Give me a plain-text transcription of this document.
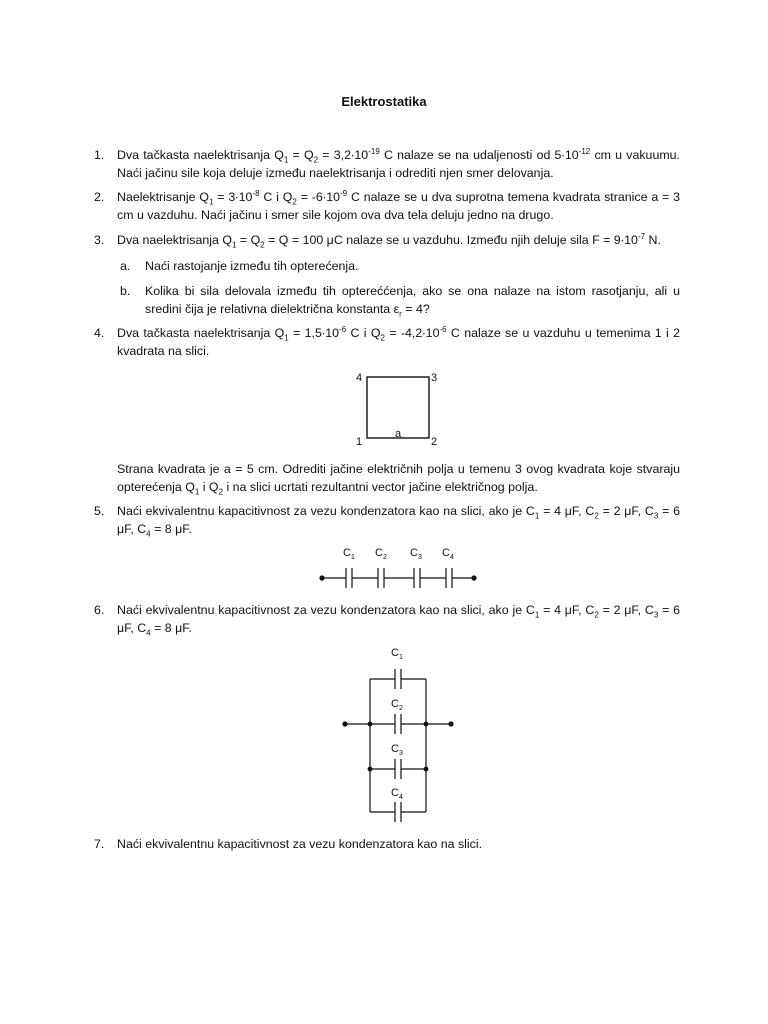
Elektrostatika
1.	Dva tačkasta naelektrisanja $Q_1 = Q_2 = 3,2\cdot 10^{-19}$ C nalaze se na udaljenosti od $5\cdot 10^{-12}$ cm u vakuumu. Naći jačinu sile koja deluje između naelektrisanja i odrediti njen smer delovanja.
2.	Naelektrisanje $Q_1 = 3\cdot 10^{-8}$ C i $Q_2 = -6\cdot 10^{-9}$ C nalaze se u dva suprotna temena kvadrata stranice a = 3 cm u vazduhu. Naći jačinu i smer sile kojom ova dva tela deluju jedno na drugo.
3.	Dva naelektrisanja $Q_1 = Q_2 = Q = 100$ μC nalaze se u vazduhu. Između njih deluje sila $F = 9\cdot 10^{-7}$ N.
a.	Naći rastojanje između tih opterećenja.
b.	Kolika bi sila delovala između tih optereććenja, ako se ona nalaze na istom rasotjanju, ali u sredini čija je relativna dielektrična konstanta $\varepsilon_r = 4$?
4.	Dva tačkasta naelektrisanja $Q_1 = 1,5\cdot 10^{-6}$ C i $Q_2 = -4,2\cdot 10^{-6}$ C nalaze se u vazduhu u temenima 1 i 2 kvadrata na slici.
4	3
1	2
a
Strana kvadrata je a = 5 cm. Odrediti jačine električnih polja u temenu 3 ovog kvadrata koje stvaraju opterećenja $Q_1$ i $Q_2$ i na slici ucrtati rezultantni vector jačine električnog polja.
5.	Naći ekvivalentnu kapacitivnost za vezu kondenzatora kao na slici, ako je $C_1 = 4$ μF, $C_2 = 2$ μF, $C_3 = 6$ μF, $C_4 = 8$ μF.
$C_1$ $C_2$ $C_3$ $C_4$
6.	Naći ekvivalentnu kapacitivnost za vezu kondenzatora kao na slici, ako je $C_1 = 4$ μF, $C_2 = 2$ μF, $C_3 = 6$ μF, $C_4 = 8$ μF.
$C_1$
$C_2$
$C_3$
$C_4$
7.	Naći ekvivalentnu kapacitivnost za vezu kondenzatora kao na slici.
